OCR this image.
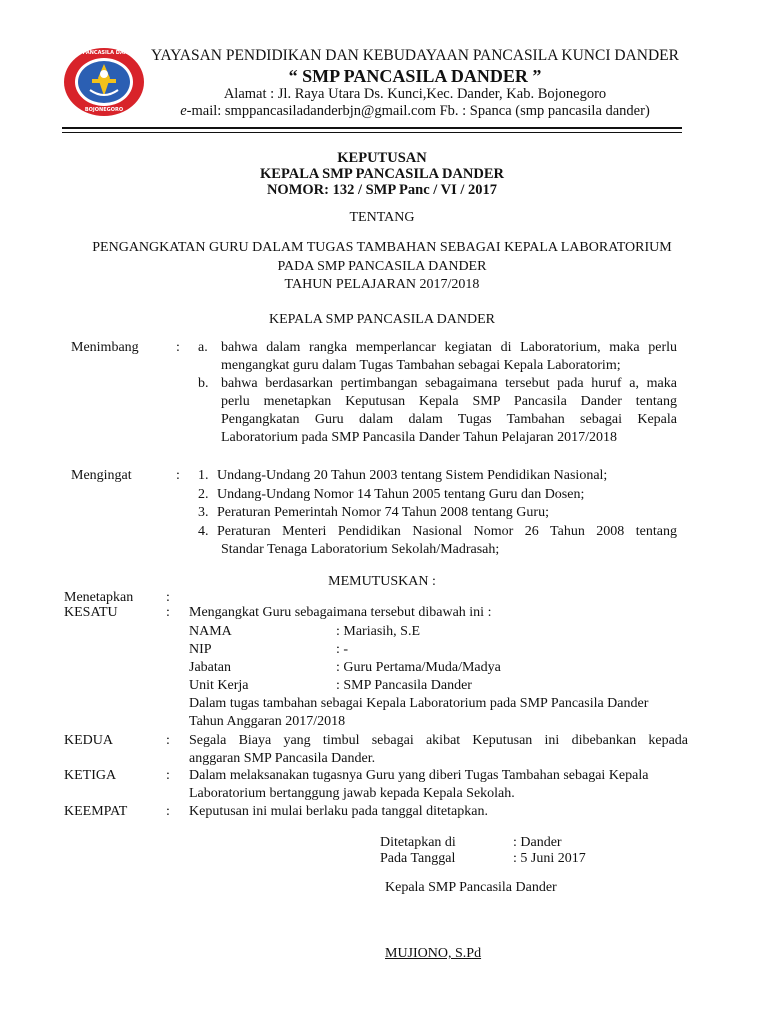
SMP PANCASILA DANDER
BOJONEGORO
YAYASAN PENDIDIKAN DAN KEBUDAYAAN PANCASILA KUNCI DANDER
“ SMP PANCASILA DANDER ”
Alamat : Jl. Raya Utara Ds. Kunci,Kec. Dander, Kab. Bojonegoro
e-mail: smppancasiladanderbjn@gmail.com Fb. : Spanca (smp pancasila dander)
KEPUTUSAN
KEPALA SMP PANCASILA DANDER
NOMOR: 132 / SMP Panc / VI / 2017
TENTANG
PENGANGKATAN GURU DALAM TUGAS TAMBAHAN SEBAGAI KEPALA LABORATORIUM
PADA SMP PANCASILA DANDER
TAHUN PELAJARAN 2017/2018
KEPALA SMP PANCASILA DANDER
Menimbang	: a. bahwa dalam rangka memperlancar kegiatan di Laboratorium, maka perlu
mengangkat guru dalam Tugas Tambahan sebagai Kepala Laboratorim;
b. bahwa berdasarkan pertimbangan sebagaimana tersebut pada huruf a, maka
perlu menetapkan Keputusan Kepala SMP Pancasila Dander tentang
Pengangkatan Guru dalam dalam Tugas Tambahan sebagai Kepala
Laboratorium pada SMP Pancasila Dander Tahun Pelajaran 2017/2018
Mengingat	: 1. Undang-Undang 20 Tahun 2003 tentang Sistem Pendidikan Nasional;
2. Undang-Undang Nomor 14 Tahun 2005 tentang Guru dan Dosen;
3. Peraturan Pemerintah Nomor 74 Tahun 2008 tentang Guru;
4. Peraturan Menteri Pendidikan Nasional Nomor 26 Tahun 2008 tentang
Standar Tenaga Laboratorium Sekolah/Madrasah;
MEMUTUSKAN :
Menetapkan :
KESATU	: Mengangkat Guru sebagaimana tersebut dibawah ini :
NAMA	: Mariasih, S.E
NIP	: -
Jabatan	: Guru Pertama/Muda/Madya
Unit Kerja	: SMP Pancasila Dander
Dalam tugas tambahan sebagai Kepala Laboratorium pada SMP Pancasila Dander
Tahun Anggaran 2017/2018
KEDUA	: Segala Biaya yang timbul sebagai akibat Keputusan ini dibebankan kepada
anggaran SMP Pancasila Dander.
KETIGA	: Dalam melaksanakan tugasnya Guru yang diberi Tugas Tambahan sebagai Kepala
Laboratorium bertanggung jawab kepada Kepala Sekolah.
KEEMPAT	: Keputusan ini mulai berlaku pada tanggal ditetapkan.
Ditetapkan di	: Dander
Pada Tanggal	: 5 Juni 2017
Kepala SMP Pancasila Dander
MUJIONO, S.Pd
